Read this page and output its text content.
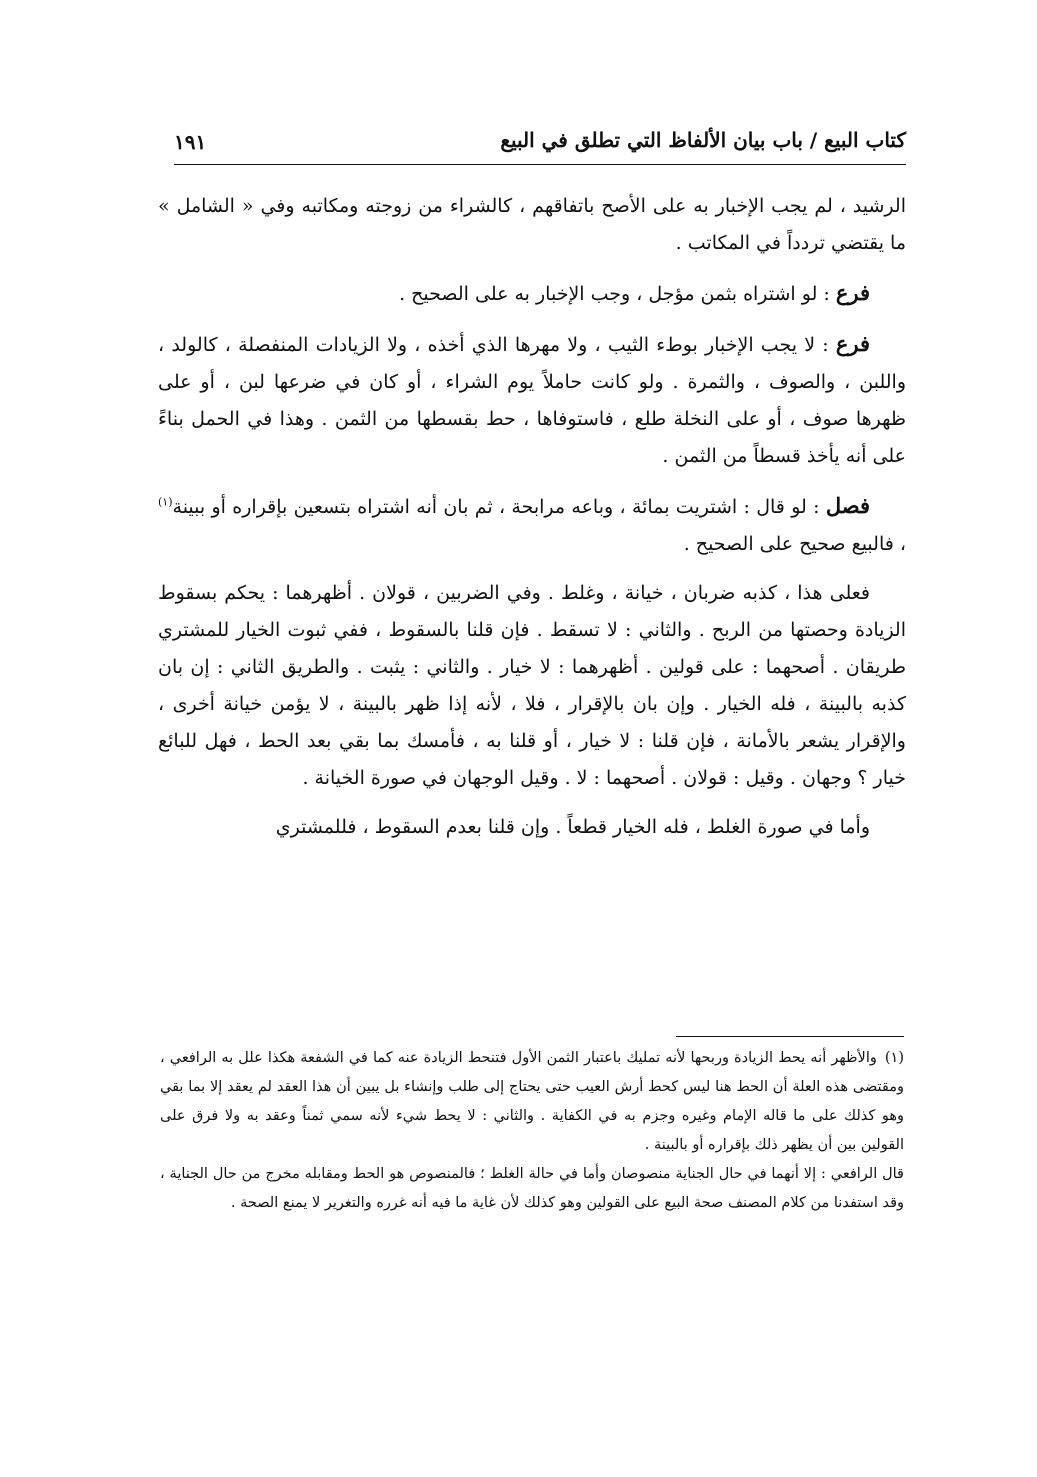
كتاب البيع / باب بيان الألفاظ التي تطلق في البيع
١٩١

الرشيد ، لم يجب الإخبار به على الأصح باتفاقهم ، كالشراء من زوجته ومكاتبه وفي « الشامل » ما يقتضي تردداً في المكاتب .

فرع : لو اشتراه بثمن مؤجل ، وجب الإخبار به على الصحيح .

فرع : لا يجب الإخبار بوطء الثيب ، ولا مهرها الذي أخذه ، ولا الزيادات المنفصلة ، كالولد ، واللبن ، والصوف ، والثمرة . ولو كانت حاملاً يوم الشراء ، أو كان في ضرعها لبن ، أو على ظهرها صوف ، أو على النخلة طلع ، فاستوفاها ، حط بقسطها من الثمن . وهذا في الحمل بناءً على أنه يأخذ قسطاً من الثمن .

فصل : لو قال : اشتريت بمائة ، وباعه مرابحة ، ثم بان أنه اشتراه بتسعين بإقراره أو ببينة$^{(١)}$ ، فالبيع صحيح على الصحيح .

فعلى هذا ، كذبه ضربان ، خيانة ، وغلط . وفي الضربين ، قولان . أظهرهما : يحكم بسقوط الزيادة وحصتها من الربح . والثاني : لا تسقط . فإن قلنا بالسقوط ، ففي ثبوت الخيار للمشتري طريقان . أصحهما : على قولين . أظهرهما : لا خيار . والثاني : يثبت . والطريق الثاني : إن بان كذبه بالبينة ، فله الخيار . وإن بان بالإقرار ، فلا ، لأنه إذا ظهر بالبينة ، لا يؤمن خيانة أخرى ، والإقرار يشعر بالأمانة ، فإن قلنا : لا خيار ، أو قلنا به ، فأمسك بما بقي بعد الحط ، فهل للبائع خيار ؟ وجهان . وقيل : قولان . أصحهما : لا . وقيل الوجهان في صورة الخيانة .

وأما في صورة الغلط ، فله الخيار قطعاً . وإن قلنا بعدم السقوط ، فللمشتري

(١)والأظهر أنه يحط الزيادة وربحها لأنه تمليك باعتبار الثمن الأول فتنحط الزيادة عنه كما في الشفعة هكذا علل به الرافعي ، ومقتضى هذه العلة أن الحط هنا ليس كحط أرش العيب حتى يحتاج إلى طلب وإنشاء بل يبين أن هذا العقد لم يعقد إلا بما بقي وهو كذلك على ما قاله الإمام وغيره وجزم به في الكفاية . والثاني : لا يحط شيء لأنه سمي ثمناً وعقد به ولا فرق على القولين بين أن يظهر ذلك بإقراره أو بالبينة .

قال الرافعي : إلا أنهما في حال الجناية منصوصان وأما في حالة الغلط ؛ فالمنصوص هو الحط ومقابله مخرج من حال الجناية ، وقد استفدنا من كلام المصنف صحة البيع على القولين وهو كذلك لأن غاية ما فيه أنه غرره والتغرير لا يمنع الصحة .
